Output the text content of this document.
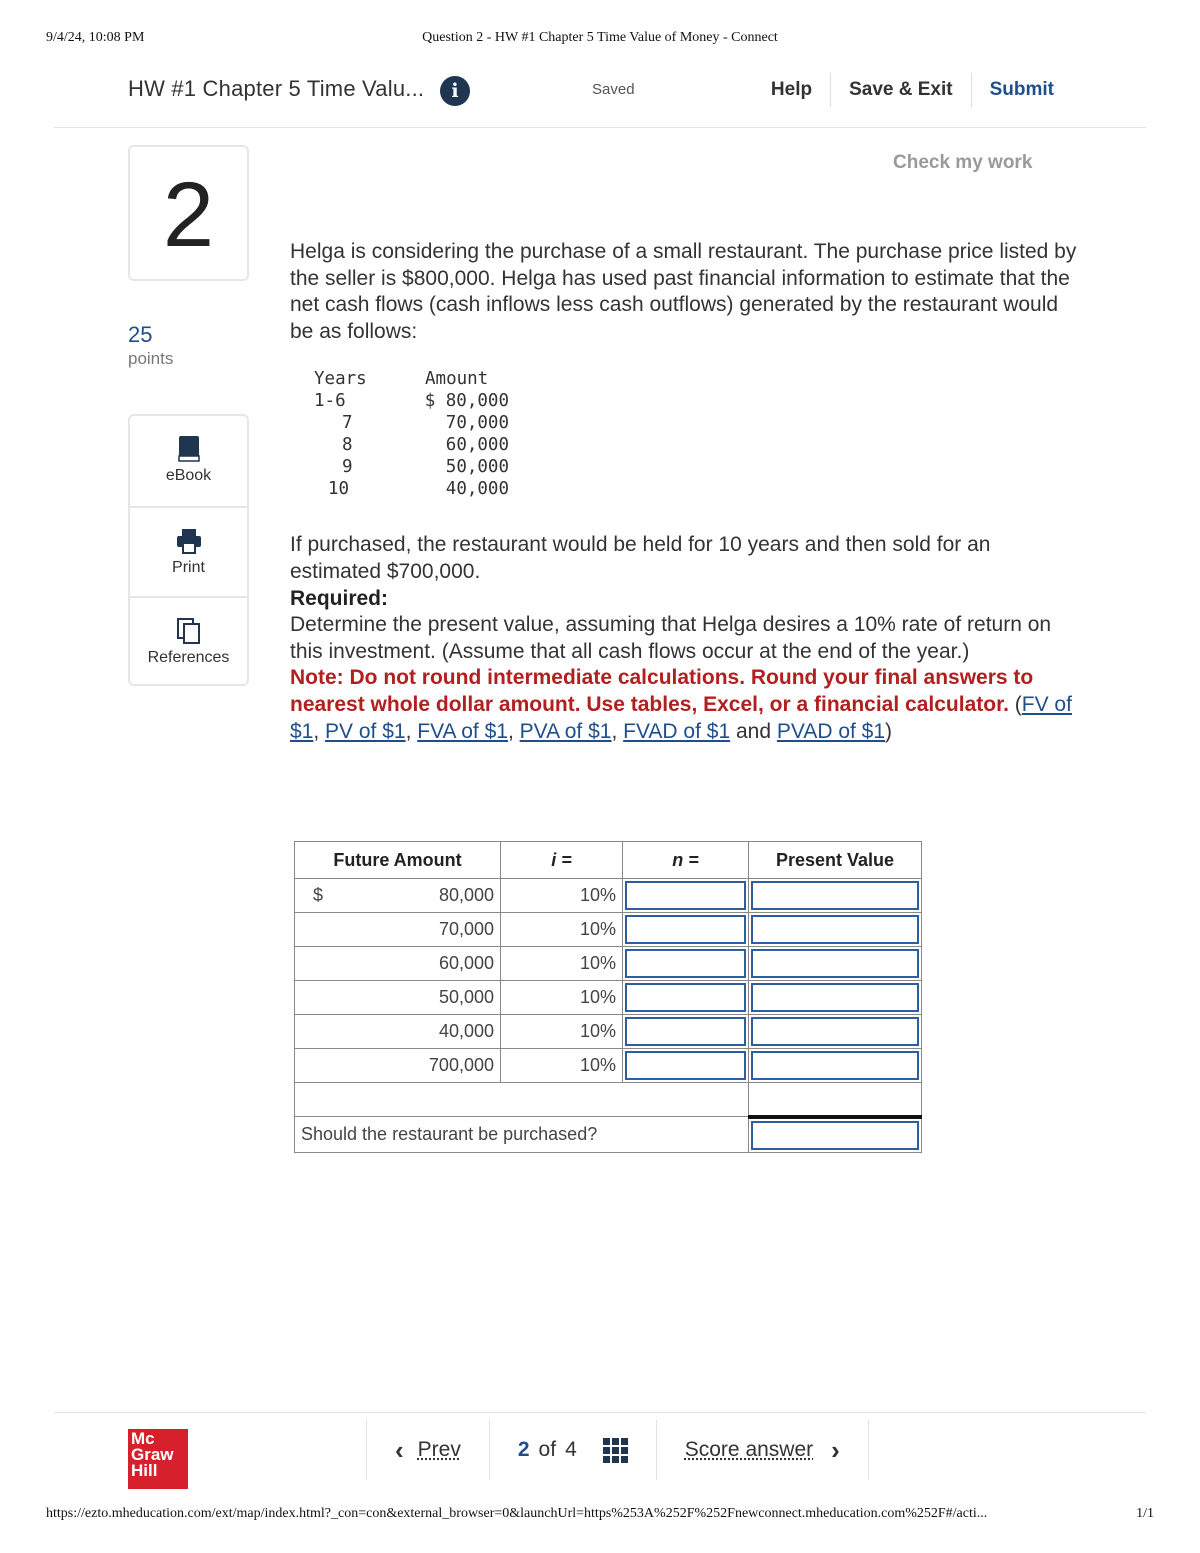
9/4/24, 10:08 PM	Question 2 - HW #1 Chapter 5 Time Value of Money - Connect
HW #1 Chapter 5 Time Valu...	i	Saved	Help	Save & Exit	Submit
2
25
points
eBook
Print
References
Check my work

Helga is considering the purchase of a small restaurant. The purchase price listed by the seller is $800,000. Helga has used past financial information to estimate that the net cash flows (cash inflows less cash outflows) generated by the restaurant would be as follows:

Years		Amount
1-6		$ 80,000
7		70,000
8		60,000
9		50,000
10		40,000

If purchased, the restaurant would be held for 10 years and then sold for an estimated $700,000.

Required:

Determine the present value, assuming that Helga desires a 10% rate of return on this investment. (Assume that all cash flows occur at the end of the year.)

Note: Do not round intermediate calculations. Round your final answers to nearest whole dollar amount. Use tables, Excel, or a financial calculator. (FV of $1, PV of $1, FVA of $1, PVA of $1, FVAD of $1 and PVAD of $1)

Future Amount	i =	n =	Present Value

$ 80,000	10%	

70,000	10%	

60,000	10%	

50,000	10%	

40,000	10%	

700,000	10%	

Should the restaurant be purchased?			
Mc
Graw
Hill
‹ Prev	2 of 4	Score answer ›
https://ezto.mheducation.com/ext/map/index.html?_con=con&external_browser=0&launchUrl=https%253A%252F%252Fnewconnect.mheducation.com%252F#/acti...	1/1
